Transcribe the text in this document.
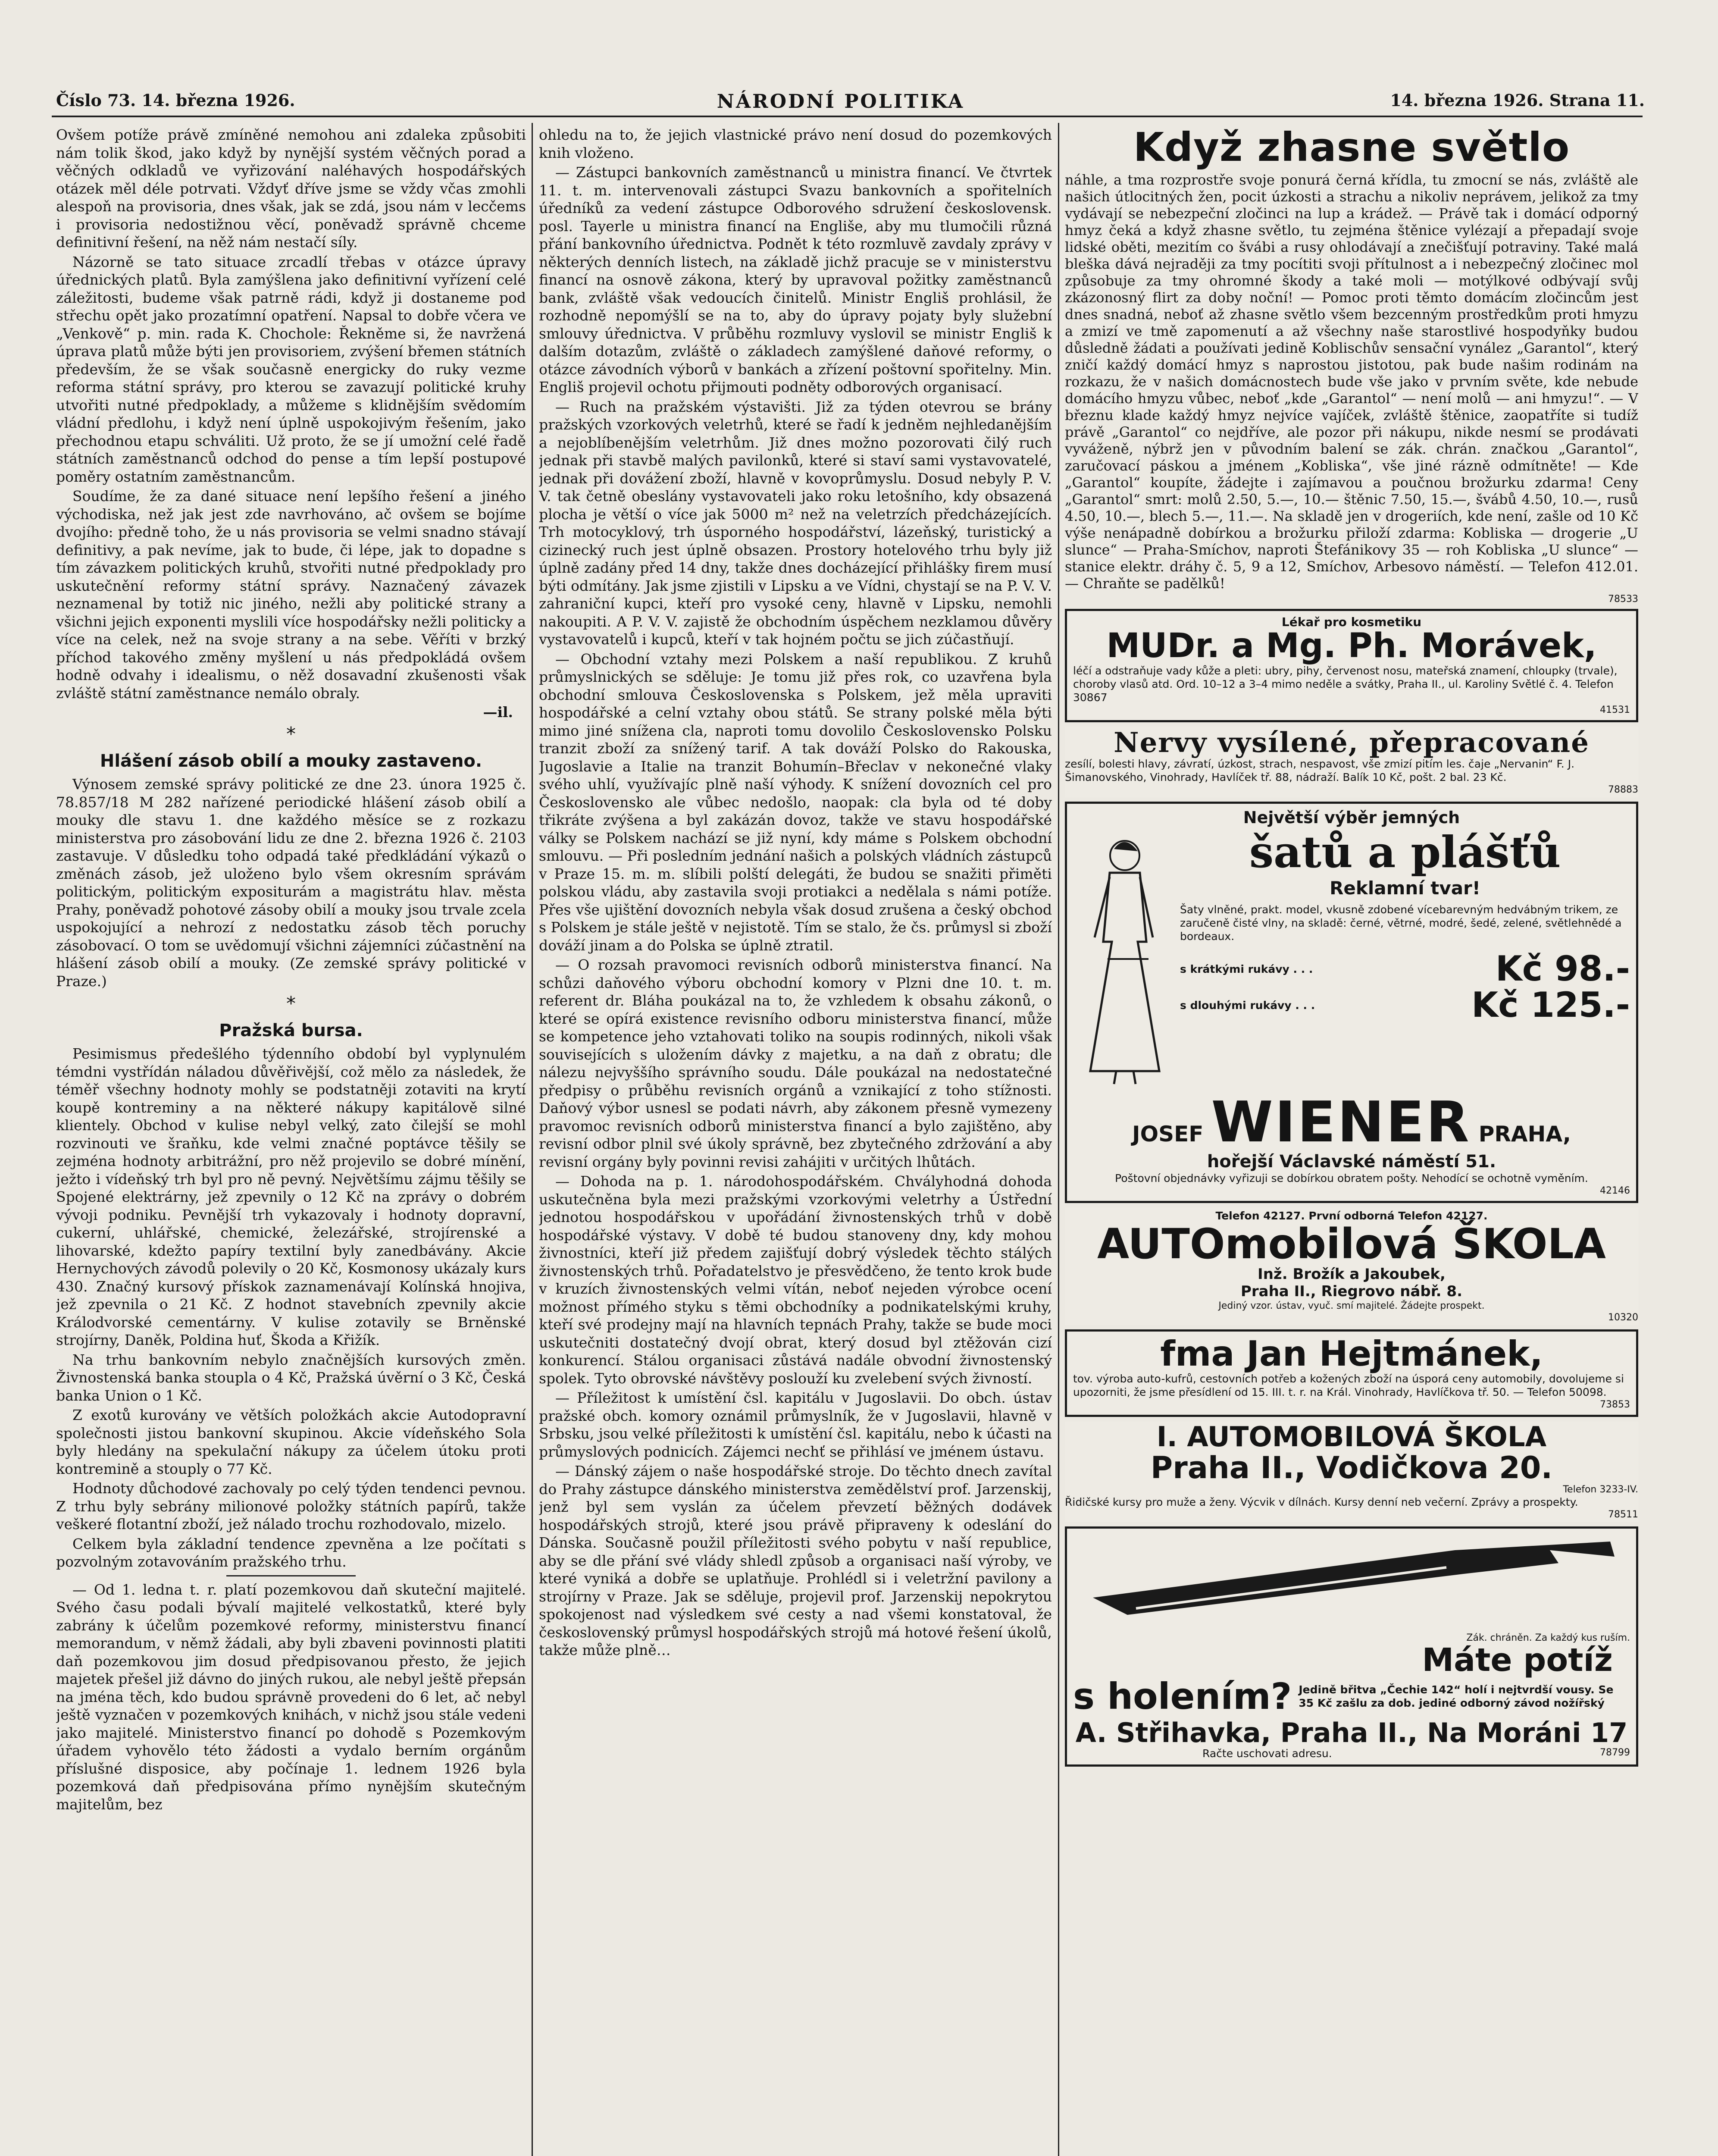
Číslo 73. 14. března 1926.	NÁRODNÍ POLITIKA	14. března 1926. Strana 11.

Ovšem potíže právě zmíněné nemohou ani zdaleka způsobiti nám tolik škod, jako když by nynější systém věčných porad a věčných odkladů ve vyřizování naléhavých hospodářských otázek měl déle potrvati. Vždyť dříve jsme se vždy včas zmohli alespoň na provisoria, dnes však, jak se zdá, jsou nám v lecčems i provisoria nedostižnou věcí, poněvadž správně chceme definitivní řešení, na něž nám nestačí síly.

Názorně se tato situace zrcadlí třebas v otázce úpravy úřednických platů. Byla zamýšlena jako definitivní vyřízení celé záležitosti, budeme však patrně rádi, když ji dostaneme pod střechu opět jako prozatímní opatření. Napsal to dobře včera ve „Venkově“ p. min. rada K. Chochole: Řekněme si, že navržená úprava platů může býti jen provisoriem, zvýšení břemen státních především, že se však současně energicky do ruky vezme reforma státní správy, pro kterou se zavazují politické kruhy utvořiti nutné předpoklady, a můžeme s klidnějším svědomím vládní předlohu, i když není úplně uspokojivým řešením, jako přechodnou etapu schváliti. Už proto, že se jí umožní celé řadě státních zaměstnanců odchod do pense a tím lepší postupové poměry ostatním zaměstnancům.

Soudíme, že za dané situace není lepšího řešení a jiného východiska, než jak jest zde navrhováno, ač ovšem se bojíme dvojího: předně toho, že u nás provisoria se velmi snadno stávají definitivy, a pak nevíme, jak to bude, či lépe, jak to dopadne s tím závazkem politických kruhů, stvořiti nutné předpoklady pro uskutečnění reformy státní správy. Naznačený závazek neznamenal by totiž nic jiného, nežli aby politické strany a všichni jejich exponenti myslili více hospodářsky nežli politicky a více na celek, než na svoje strany a na sebe. Věříti v brzký příchod takového změny myšlení u nás předpokládá ovšem hodně odvahy i idealismu, o něž dosavadní zkušenosti však zvláště státní zaměstnance nemálo obraly.

—il.
*
Hlášení zásob obilí a mouky zastaveno.

Výnosem zemské správy politické ze dne 23. února 1925 č. 78.857/18 M 282 nařízené periodické hlášení zásob obilí a mouky dle stavu 1. dne každého měsíce se z rozkazu ministerstva pro zásobování lidu ze dne 2. března 1926 č. 2103 zastavuje. V důsledku toho odpadá také předkládání výkazů o změnách zásob, jež uloženo bylo všem okresním správám politickým, politickým expositurám a magistrátu hlav. města Prahy, poněvadž pohotové zásoby obilí a mouky jsou trvale zcela uspokojující a nehrozí z nedostatku zásob těch poruchy zásobovací. O tom se uvědomují všichni zájemníci zúčastnění na hlášení zásob obilí a mouky. (Ze zemské správy politické v Praze.)

*
Pražská bursa.

Pesimismus předešlého týdenního období byl vyplynulém témdni vystřídán náladou důvěřivější, což mělo za následek, že téměř všechny hodnoty mohly se podstatněji zotaviti na krytí koupě kontreminy a na některé nákupy kapitálově silné klientely. Obchod v kulise nebyl velký, zato čilejší se mohl rozvinouti ve šraňku, kde velmi značné poptávce těšily se zejména hodnoty arbitrážní, pro něž projevilo se dobré mínění, ježto i vídeňský trh byl pro ně pevný. Největšímu zájmu těšily se Spojené elektrárny, jež zpevnily o 12 Kč na zprávy o dobrém vývoji podniku. Pevnější trh vykazovaly i hodnoty dopravní, cukerní, uhlářské, chemické, železářské, strojírenské a lihovarské, kdežto papíry textilní byly zanedbávány. Akcie Hernychových závodů polevily o 20 Kč, Kosmonosy ukázaly kurs 430. Značný kursový přískok zaznamenávají Kolínská hnojiva, jež zpevnila o 21 Kč. Z hodnot stavebních zpevnily akcie Králodvorské cementárny. V kulise zotavily se Brněnské strojírny, Daněk, Poldina huť, Škoda a Křižík.

Na trhu bankovním nebylo značnějších kursových změn. Živnostenská banka stoupla o 4 Kč, Pražská úvěrní o 3 Kč, Česká banka Union o 1 Kč.

Z exotů kurovány ve větších položkách akcie Autodopravní společnosti jistou bankovní skupinou. Akcie vídeňského Sola byly hledány na spekulační nákupy za účelem útoku proti kontremině a stouply o 77 Kč.

Hodnoty důchodové zachovaly po celý týden tendenci pevnou. Z trhu byly sebrány milionové položky státních papírů, takže veškeré flotantní zboží, jež nálado trochu rozhodovalo, mizelo.

Celkem byla základní tendence zpevněna a lze počítati s pozvolným zotavováním pražského trhu.

— Od 1. ledna t. r. platí pozemkovou daň skuteční majitelé. Svého času podali bývalí majitelé velkostatků, které byly zabrány k účelům pozemkové reformy, ministerstvu financí memorandum, v němž žádali, aby byli zbaveni povinnosti platiti daň pozemkovou jim dosud předpisovanou přesto, že jejich majetek přešel již dávno do jiných rukou, ale nebyl ještě přepsán na jména těch, kdo budou správně provedeni do 6 let, ač nebyl ještě vyznačen v pozemkových knihách, v nichž jsou stále vedeni jako majitelé. Ministerstvo financí po dohodě s Pozemkovým úřadem vyhovělo této žádosti a vydalo berním orgánům příslušné disposice, aby počínaje 1. lednem 1926 byla pozemková daň předpisována přímo nynějším skutečným majitelům, bez

ohledu na to, že jejich vlastnické právo není dosud do pozemkových knih vloženo.

— Zástupci bankovních zaměstnanců u ministra financí. Ve čtvrtek 11. t. m. intervenovali zástupci Svazu bankovních a spořitelních úředníků za vedení zástupce Odborového sdružení československ. posl. Tayerle u ministra financí na Engliše, aby mu tlumočili různá přání bankovního úřednictva. Podnět k této rozmluvě zavdaly zprávy v některých denních listech, na základě jichž pracuje se v ministerstvu financí na osnově zákona, který by upravoval požitky zaměstnanců bank, zvláště však vedoucích činitelů. Ministr Engliš prohlásil, že rozhodně nepomýšlí se na to, aby do úpravy pojaty byly služební smlouvy úřednictva. V průběhu rozmluvy vyslovil se ministr Engliš k dalším dotazům, zvláště o základech zamýšlené daňové reformy, o otázce závodních výborů v bankách a zřízení poštovní spořitelny. Min. Engliš projevil ochotu přijmouti podněty odborových organisací.

— Ruch na pražském výstavišti. Již za týden otevrou se brány pražských vzorkových veletrhů, které se řadí k jedněm nejhledanějším a nejoblíbenějším veletrhům. Již dnes možno pozorovati čilý ruch jednak při stavbě malých pavilonků, které si staví sami vystavovatelé, jednak při dovážení zboží, hlavně v kovoprůmyslu. Dosud nebyly P. V. V. tak četně obeslány vystavovateli jako roku letošního, kdy obsazená plocha je větší o více jak 5000 m² než na veletrzích předcházejících. Trh motocyklový, trh úsporného hospodářství, lázeňský, turistický a cizinecký ruch jest úplně obsazen. Prostory hotelového trhu byly již úplně zadány před 14 dny, takže dnes docházející přihlášky firem musí býti odmítány. Jak jsme zjistili v Lipsku a ve Vídni, chystají se na P. V. V. zahraniční kupci, kteří pro vysoké ceny, hlavně v Lipsku, nemohli nakoupiti. A P. V. V. zajistě že obchodním úspěchem nezklamou důvěry vystavovatelů i kupců, kteří v tak hojném počtu se jich zúčastňují.

— Obchodní vztahy mezi Polskem a naší republikou. Z kruhů průmyslnických se sděluje: Je tomu již přes rok, co uzavřena byla obchodní smlouva Československa s Polskem, jež měla upraviti hospodářské a celní vztahy obou států. Se strany polské měla býti mimo jiné snížena cla, naproti tomu dovolilo Československo Polsku tranzit zboží za snížený tarif. A tak dováží Polsko do Rakouska, Jugoslavie a Italie na tranzit Bohumín–Břeclav v nekonečné vlaky svého uhlí, využívajíc plně naší výhody. K snížení dovozních cel pro Československo ale vůbec nedošlo, naopak: cla byla od té doby třikráte zvýšena a byl zakázán dovoz, takže ve stavu hospodářské války se Polskem nachází se již nyní, kdy máme s Polskem obchodní smlouvu. — Při posledním jednání našich a polských vládních zástupců v Praze 15. m. m. slíbili polští delegáti, že budou se snažiti přiměti polskou vládu, aby zastavila svoji protiakci a nedělala s námi potíže. Přes vše ujištění dovozních nebyla však dosud zrušena a český obchod s Polskem je stále ještě v nejistotě. Tím se stalo, že čs. průmysl si zboží dováží jinam a do Polska se úplně ztratil.

— O rozsah pravomoci revisních odborů ministerstva financí. Na schůzi daňového výboru obchodní komory v Plzni dne 10. t. m. referent dr. Bláha poukázal na to, že vzhledem k obsahu zákonů, o které se opírá existence revisního odboru ministerstva financí, může se kompetence jeho vztahovati toliko na soupis rodinných, nikoli však souvisejících s uložením dávky z majetku, a na daň z obratu; dle nálezu nejvyššího správního soudu. Dále poukázal na nedostatečné předpisy o průběhu revisních orgánů a vznikající z toho stížnosti. Daňový výbor usnesl se podati návrh, aby zákonem přesně vymezeny pravomoc revisních odborů ministerstva financí a bylo zajištěno, aby revisní odbor plnil své úkoly správně, bez zbytečného zdržování a aby revisní orgány byly povinni revisi zahájiti v určitých lhůtách.

— Dohoda na p. 1. národohospodářském. Chvályhodná dohoda uskutečněna byla mezi pražskými vzorkovými veletrhy a Ústřední jednotou hospodářskou v upořádání živnostenských trhů v době hospodářské výstavy. V době té budou stanoveny dny, kdy mohou živnostníci, kteří již předem zajišťují dobrý výsledek těchto stálých živnostenských trhů. Pořadatelstvo je přesvědčeno, že tento krok bude v kruzích živnostenských velmi vítán, neboť nejeden výrobce ocení možnost přímého styku s těmi obchodníky a podnikatelskými kruhy, kteří své prodejny mají na hlavních tepnách Prahy, takže se bude moci uskutečniti dostatečný dvojí obrat, který dosud byl ztěžován cizí konkurencí. Stálou organisaci zůstává nadále obvodní živnostenský spolek. Tyto obrovské návštěvy poslouží ku zvelebení svých živností.

— Příležitost k umístění čsl. kapitálu v Jugoslavii. Do obch. ústav pražské obch. komory oznámil průmyslník, že v Jugoslavii, hlavně v Srbsku, jsou velké příležitosti k umístění čsl. kapitálu, nebo k účasti na průmyslových podnicích. Zájemci nechť se přihlásí ve jménem ústavu.

— Dánský zájem o naše hospodářské stroje. Do těchto dnech zavítal do Prahy zástupce dánského ministerstva zemědělství prof. Jarzenskij, jenž byl sem vyslán za účelem převzetí běžných dodávek hospodářských strojů, které jsou právě připraveny k odeslání do Dánska. Současně použil příležitosti svého pobytu v naší republice, aby se dle přání své vlády shledl způsob a organisaci naší výroby, ve které vyniká a dobře se uplatňuje. Prohlédl si i veletržní pavilony a strojírny v Praze. Jak se sděluje, projevil prof. Jarzenskij nepokrytou spokojenost nad výsledkem své cesty a nad všemi konstatoval, že československý průmysl hospodářských strojů má hotové řešení úkolů, takže může plně…

Když zhasne světlo

náhle, a tma rozprostře svoje ponurá černá křídla, tu zmocní se nás, zvláště ale našich útlocitných žen, pocit úzkosti a strachu a nikoliv neprávem, jelikož za tmy vydávají se nebezpeční zločinci na lup a krádež. — Právě tak i domácí odporný hmyz čeká a když zhasne světlo, tu zejména štěnice vylézají a přepadají svoje lidské oběti, mezitím co švábi a rusy ohlodávají a znečišťují potraviny. Také malá bleška dává nejraději za tmy pocítiti svoji přítulnost a i nebezpečný zločinec mol způsobuje za tmy ohromné škody a také moli — motýlkové odbývají svůj zkázonosný flirt za doby noční! — Pomoc proti těmto domácím zločincům jest dnes snadná, neboť až zhasne světlo všem bezcenným prostředkům proti hmyzu a zmizí ve tmě zapomenutí a až všechny naše starostlivé hospodyňky budou důsledně žádati a používati jedině Koblischův sensační vynález „Garantol“, který zničí každý domácí hmyz s naprostou jistotou, pak bude našim rodinám na rozkazu, že v našich domácnostech bude vše jako v prvním světe, kde nebude domácího hmyzu vůbec, neboť „kde „Garantol“ — není molů — ani hmyzu!“. — V březnu klade každý hmyz nejvíce vajíček, zvláště štěnice, zaopatříte si tudíž právě „Garantol“ co nejdříve, ale pozor při nákupu, nikde nesmí se prodávati vyváženě, nýbrž jen v původním balení se zák. chrán. značkou „Garantol“, zaručovací páskou a jménem „Kobliska“, vše jiné rázně odmítněte! — Kde „Garantol“ koupíte, žádejte i zajímavou a poučnou brožurku zdarma! Ceny „Garantol“ smrt: molů 2.50, 5.—, 10.— štěnic 7.50, 15.—, švábů 4.50, 10.—, rusů 4.50, 10.—, blech 5.—, 11.—. Na skladě jen v drogeriích, kde není, zašle od 10 Kč výše nenápadně dobírkou a brožurku přiloží zdarma: Kobliska — drogerie „U slunce“ — Praha-Smíchov, naproti Štefánikovy 35 — roh Kobliska „U slunce“ — stanice elektr. dráhy č. 5, 9 a 12, Smíchov, Arbesovo náměstí. — Telefon 412.01. — Chraňte se padělků!

78533
Lékař pro kosmetiku
MUDr. a Mg. Ph. Morávek,
léčí a odstraňuje vady kůže a pleti: ubry, pihy, červenost nosu, mateřská znamení, chloupky (trvale), choroby vlasů atd. Ord. 10–12 a 3–4 mimo neděle a svátky, Praha II., ul. Karoliny Světlé č. 4. Telefon 30867
41531
Nervy vysílené, přepracované
zesílí, bolesti hlavy, závratí, úzkost, strach, nespavost, vše zmizí pitím les. čaje „Nervanin“ F. J. Šimanovského, Vinohrady, Havlíček tř. 88, nádraží. Balík 10 Kč, pošt. 2 bal. 23 Kč.
78883
Největší výběr jemných
šatů a plášťů
Reklamní tvar!
Šaty vlněné, prakt. model, vkusně zdobené vícebarevným hedvábným trikem, ze zaručeně čisté vlny, na skladě: černé, větrné, modré, šedé, zelené, světlehnědé a bordeaux.
s krátkými rukávy . . .	Kč 98.-
s dlouhými rukávy . . .	Kč 125.-
JOSEF WIENER PRAHA,
hořejší Václavské náměstí 51.
Poštovní objednávky vyřizuji se dobírkou obratem pošty. Nehodící se ochotně vyměním.
42146
Telefon 42127. První odborná Telefon 42127.
AUTOmobilová ŠKOLA
Inž. Brožík a Jakoubek,
Praha II., Riegrovo nábř. 8.
Jediný vzor. ústav, vyuč. smí majitelé. Žádejte prospekt.
10320
fma Jan Hejtmánek,
tov. výroba auto-kufrů, cestovních potřeb a kožených zboží na úsporá ceny automobily, dovolujeme si upozorniti, že jsme přesídlení od 15. III. t. r. na Král. Vinohrady, Havlíčkova tř. 50. — Telefon 50098.
73853
I. AUTOMOBILOVÁ ŠKOLA
Praha II., Vodičkova 20.
Telefon 3233-IV.
Řidičské kursy pro muže a ženy. Výcvik v dílnách. Kursy denní neb večerní. Zprávy a prospekty.
78511
Zák. chráněn. Za každý kus ruším.
Máte potíž
s holením? Jedině břitva „Čechie 142“ holí i nejtvrdší vousy. Se 35 Kč zašlu za dob. jediné odborný závod nožířský
A. Střihavka, Praha II., Na Moráni 17
Račte uschovati adresu.	78799
